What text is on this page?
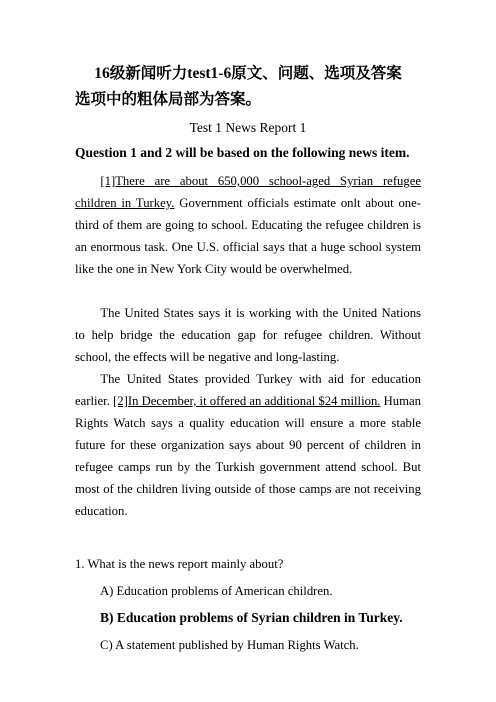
16级新闻听力test1-6原文、问题、选项及答案
选项中的粗体局部为答案。
Test 1 News Report 1
Question 1 and 2 will be based on the following news item.

[1]There are about 650,000 school-aged Syrian refugee children in Turkey. Government officials estimate onlt about one-third of them are going to school. Educating the refugee children is an enormous task. One U.S. official says that a huge school system like the one in New York City would be overwhelmed.

The United States says it is working with the United Nations to help bridge the education gap for refugee children. Without school, the effects will be negative and long-lasting.

The United States provided Turkey with aid for education earlier. [2]In December, it offered an additional $24 million. Human Rights Watch says a quality education will ensure a more stable future for these organization says about 90 percent of children in refugee camps run by the Turkish government attend school. But most of the children living outside of those camps are not receiving education.

1. What is the news report mainly about?
A) Education problems of American children.
B) Education problems of Syrian children in Turkey.
C) A statement published by Human Rights Watch.
